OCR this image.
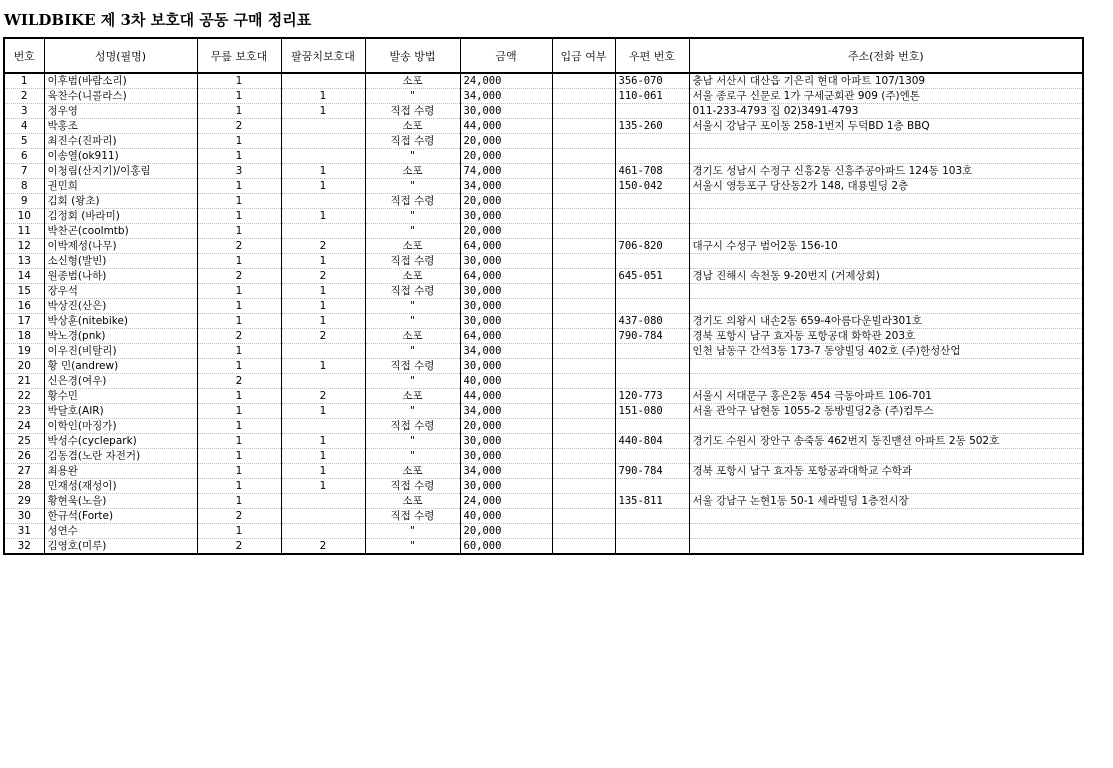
WILDBIKE 제 3차 보호대 공동 구매 정리표
번호	성명(필명)	무릎 보호대	팔꿈치보호대	발송 방법	금액	입금 여부	우편 번호	주소(전화 번호)
1	이후범(바람소리)	1		소포	24,000		356-070	충남 서산시 대산읍 기은리 현대 아파트 107/1309
2	육찬수(니콜라스)	1	1	"	34,000		110-061	서울 종로구 신문로 1가 구세군회관 909 (주)엔톤
3	정우영	1	1	직접 수령	30,000			011-233-4793 집 02)3491-4793
4	박홍조	2		소포	44,000		135-260	서울시 강남구 포이동 258-1번지 두덕BD 1층 BBQ
5	최진수(진파리)	1		직접 수령	20,000			
6	이송열(ok911)	1		"	20,000			
7	이청림(산지기)/이홍림	3	1	소포	74,000		461-708	경기도 성남시 수정구 신흥2동 신흥주공아파드 124동 103호
8	권민희	1	1	"	34,000		150-042	서울시 영등포구 당산동2가 148, 대룡빌딩 2층
9	김회 (왕초)	1		직접 수령	20,000			
10	김정회 (바라미)	1	1	"	30,000			
11	박찬곤(coolmtb)	1		"	20,000			
12	이박제성(나무)	2	2	소포	64,000		706-820	대구시 수성구 범어2동 156-10
13	소신형(발빈)	1	1	직접 수령	30,000			
14	원종범(나하)	2	2	소포	64,000		645-051	경남 진해시 속천동 9-20번지 (거제상회)
15	장우석	1	1	직접 수령	30,000			
16	박상진(산은)	1	1	"	30,000			
17	박상훈(nitebike)	1	1	"	30,000		437-080	경기도 의왕시 내손2동 659-4아름다운빌라301호
18	박노경(pnk)	2	2	소포	64,000		790-784	경북 포항시 남구 효자동 포항공대 화학관 203호
19	이우진(비탈리)	1		"	34,000			인천 남동구 간석3동 173-7 동양빌딩 402호 (주)한성산업
20	황 민(andrew)	1	1	직접 수령	30,000			
21	신은경(여우)	2		"	40,000			
22	황수민	1	2	소포	44,000		120-773	서울시 서대문구 홍은2동 454 극동아파트 106-701
23	박달호(AIR)	1	1	"	34,000		151-080	서울 관악구 남현동 1055-2 동방빌딩2층 (주)컴투스
24	이학인(마징가)	1		직접 수령	20,000			
25	박성수(cyclepark)	1	1	"	30,000		440-804	경기도 수원시 장안구 송죽동 462번지 동진맨션 아파트 2동 502호
26	김동겸(노란 자전거)	1	1	"	30,000			
27	최용완	1	1	소포	34,000		790-784	경북 포항시 남구 효자동 포항공과대학교 수학과
28	민재성(재성이)	1	1	직접 수령	30,000			
29	황현욱(노을)	1		소포	24,000		135-811	서울 강남구 논현1동 50-1 세라빌딩 1층전시장
30	한규석(Forte)	2		직접 수령	40,000			
31	성연수	1		"	20,000			
32	김영호(미루)	2	2	"	60,000			
